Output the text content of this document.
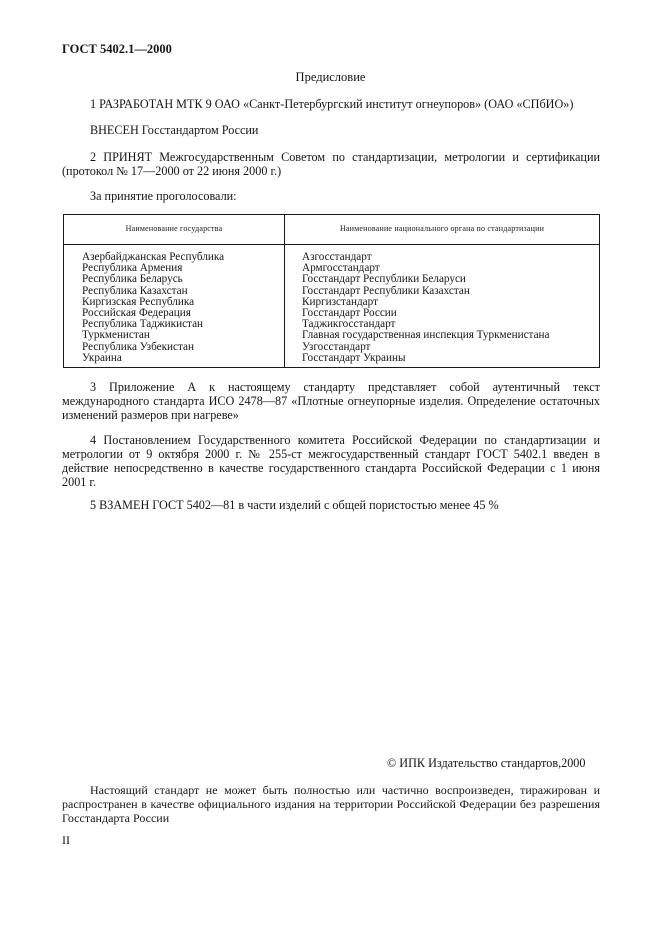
ГОСТ 5402.1—2000
Предисловие
1 РАЗРАБОТАН МТК 9 ОАО «Санкт-Петербургский институт огнеупоров» (ОАО «СПбИО»)
ВНЕСЕН Госстандартом России
2 ПРИНЯТ Межгосударственным Советом по стандартизации, метрологии и сертификации (протокол № 17—2000 от 22 июня 2000 г.)
За принятие проголосовали:
Наименование государства	Наименование национального органа по стандартизации
Азербайджанская Республика
Республика Армения
Республика Беларусь
Республика Казахстан
Киргизская Республика
Российская Федерация
Республика Таджикистан
Туркменистан
Республика Узбекистан
Украина
Азгосстандарт
Армгосстандарт
Госстандарт Республики Беларуси
Госстандарт Республики Казахстан
Киргизстандарт
Госстандарт России
Таджикгосстандарт
Главная государственная инспекция Туркменистана
Узгосстандарт
Госстандарт Украины
3 Приложение А к настоящему стандарту представляет собой аутентичный текст международного стандарта ИСО 2478—87 «Плотные огнеупорные изделия. Определение остаточных изменений размеров при нагреве»
4 Постановлением Государственного комитета Российской Федерации по стандартизации и метрологии от 9 октября 2000 г. № 255-ст межгосударственный стандарт ГОСТ 5402.1 введен в действие непосредственно в качестве государственного стандарта Российской Федерации с 1 июня 2001 г.
5 ВЗАМЕН ГОСТ 5402—81 в части изделий с общей пористостью менее 45 %
© ИПК Издательство стандартов,2000
Настоящий стандарт не может быть полностью или частично воспроизведен, тиражирован и распространен в качестве официального издания на территории Российской Федерации без разрешения Госстандарта России
II
